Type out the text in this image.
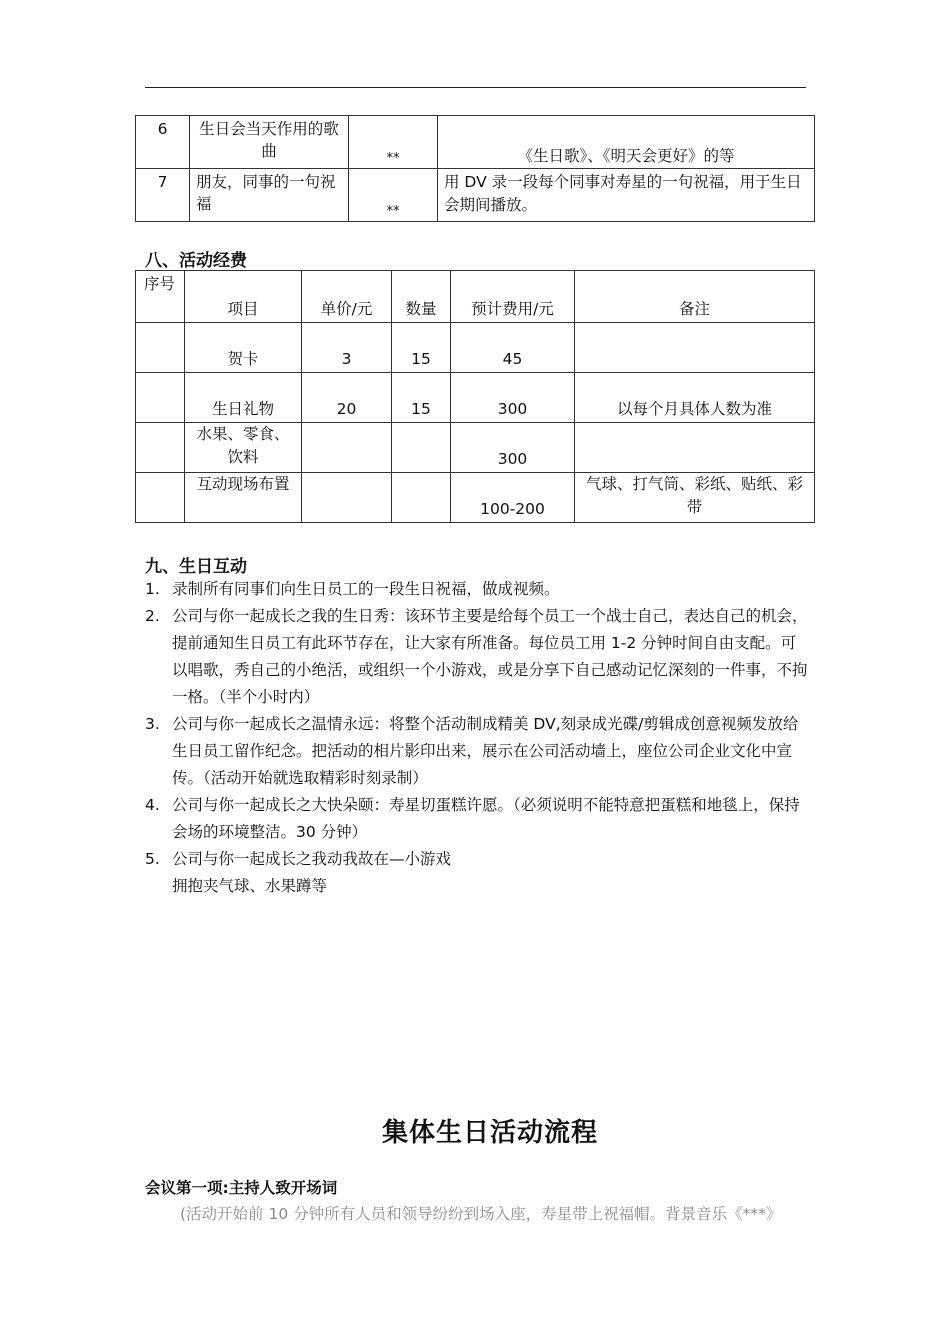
6	生日会当天作用的歌曲	**	《生日歌》、《明天会更好》的等
7	朋友，同事的一句祝福	**	用 DV 录一段每个同事对寿星的一句祝福，用于生日会期间播放。
八、活动经费
序号	项目	单价/元	数量	预计费用/元	备注
	贺卡	3	15	45	
	生日礼物	20	15	300	以每个月具体人数为准
	水果、零食、饮料			300	
	互动现场布置			100-200	气球、打气筒、彩纸、贴纸、彩带
九、生日互动
1. 录制所有同事们向生日员工的一段生日祝福，做成视频。
2. 公司与你一起成长之我的生日秀：该环节主要是给每个员工一个战士自己，表达自己的机会，提前通知生日员工有此环节存在，让大家有所准备。每位员工用 1-2 分钟时间自由支配。可以唱歌，秀自己的小绝活，或组织一个小游戏，或是分享下自己感动记忆深刻的一件事，不拘一格。（半个小时内）
3. 公司与你一起成长之温情永远：将整个活动制成精美 DV,刻录成光碟/剪辑成创意视频发放给生日员工留作纪念。把活动的相片影印出来，展示在公司活动墙上，座位公司企业文化中宣传。（活动开始就选取精彩时刻录制）
4. 公司与你一起成长之大快朵颐：寿星切蛋糕许愿。（必须说明不能特意把蛋糕和地毯上，保持会场的环境整洁。30 分钟）
5. 公司与你一起成长之我动我故在—小游戏
拥抱夹气球、水果蹲等
集体生日活动流程
会议第一项:主持人致开场词
(活动开始前 10 分钟所有人员和领导纷纷到场入座，寿星带上祝福帽。背景音乐《***》
